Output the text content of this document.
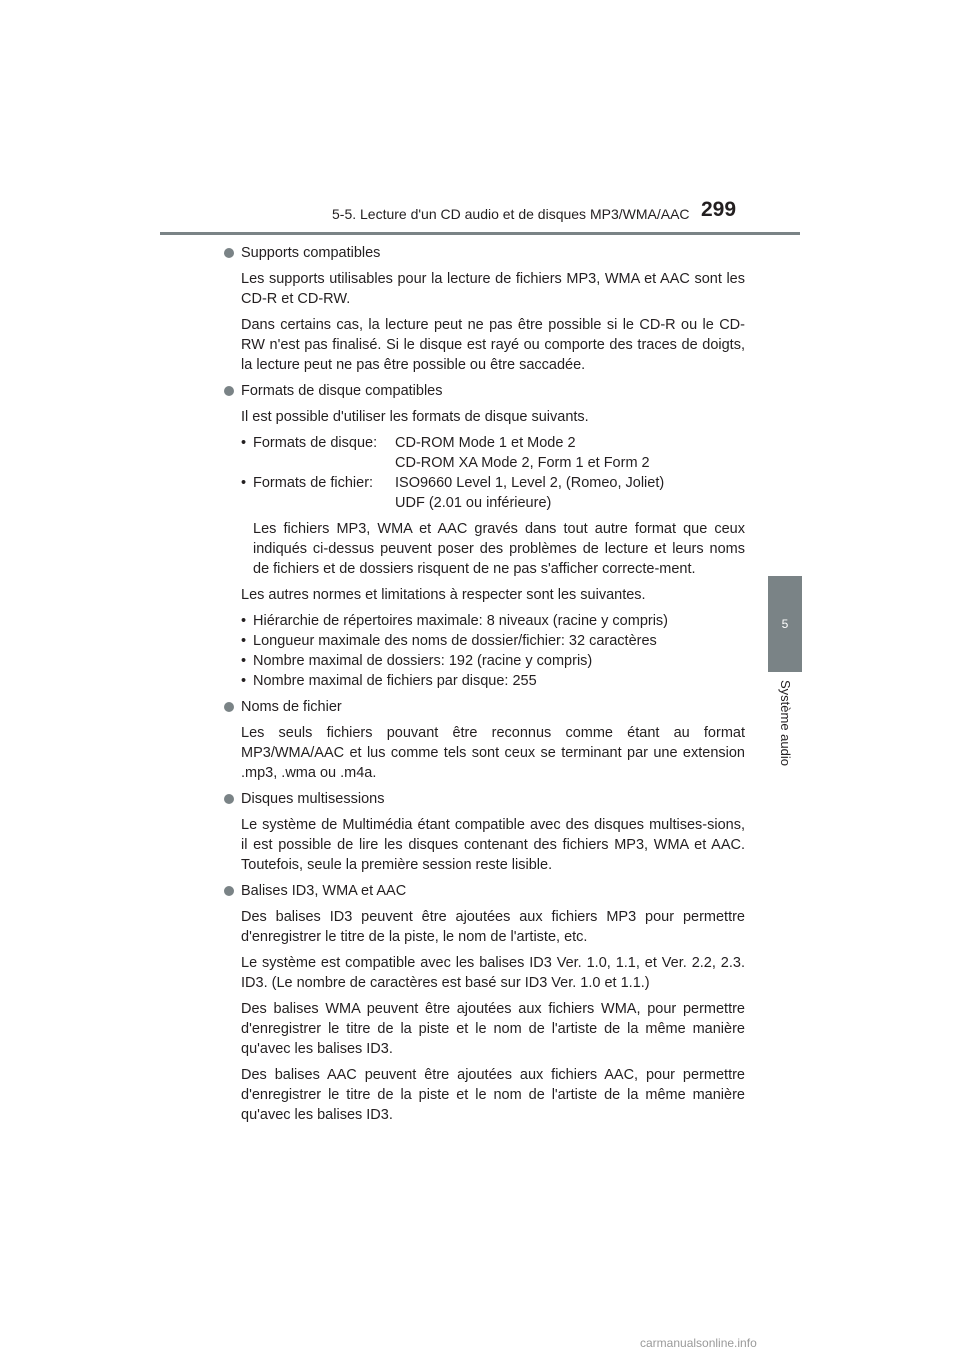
5-5. Lecture d'un CD audio et de disques MP3/WMA/AAC 299
5
Système audio
Supports compatibles

Les supports utilisables pour la lecture de fichiers MP3, WMA et AAC sont les CD-R et CD-RW.

Dans certains cas, la lecture peut ne pas être possible si le CD-R ou le CD-RW n'est pas finalisé. Si le disque est rayé ou comporte des traces de doigts, la lecture peut ne pas être possible ou être saccadée.

Formats de disque compatibles

Il est possible d'utiliser les formats de disque suivants.

• Formats de disque:	CD-ROM Mode 1 et Mode 2
CD-ROM XA Mode 2, Form 1 et Form 2
• Formats de fichier:	ISO9660 Level 1, Level 2, (Romeo, Joliet)
UDF (2.01 ou inférieure)

Les fichiers MP3, WMA et AAC gravés dans tout autre format que ceux indiqués ci-dessus peuvent poser des problèmes de lecture et leurs noms de fichiers et de dossiers risquent de ne pas s'afficher correcte-ment.

Les autres normes et limitations à respecter sont les suivantes.

• Hiérarchie de répertoires maximale: 8 niveaux (racine y compris)
• Longueur maximale des noms de dossier/fichier: 32 caractères
• Nombre maximal de dossiers: 192 (racine y compris)
• Nombre maximal de fichiers par disque: 255
Noms de fichier

Les seuls fichiers pouvant être reconnus comme étant au format MP3/WMA/AAC et lus comme tels sont ceux se terminant par une extension .mp3, .wma ou .m4a.

Disques multisessions

Le système de Multimédia étant compatible avec des disques multises-sions, il est possible de lire les disques contenant des fichiers MP3, WMA et AAC. Toutefois, seule la première session reste lisible.

Balises ID3, WMA et AAC

Des balises ID3 peuvent être ajoutées aux fichiers MP3 pour permettre d'enregistrer le titre de la piste, le nom de l'artiste, etc.

Le système est compatible avec les balises ID3 Ver. 1.0, 1.1, et Ver. 2.2, 2.3. ID3. (Le nombre de caractères est basé sur ID3 Ver. 1.0 et 1.1.)

Des balises WMA peuvent être ajoutées aux fichiers WMA, pour permettre d'enregistrer le titre de la piste et le nom de l'artiste de la même manière qu'avec les balises ID3.

Des balises AAC peuvent être ajoutées aux fichiers AAC, pour permettre d'enregistrer le titre de la piste et le nom de l'artiste de la même manière qu'avec les balises ID3.

carmanualsonline.info
